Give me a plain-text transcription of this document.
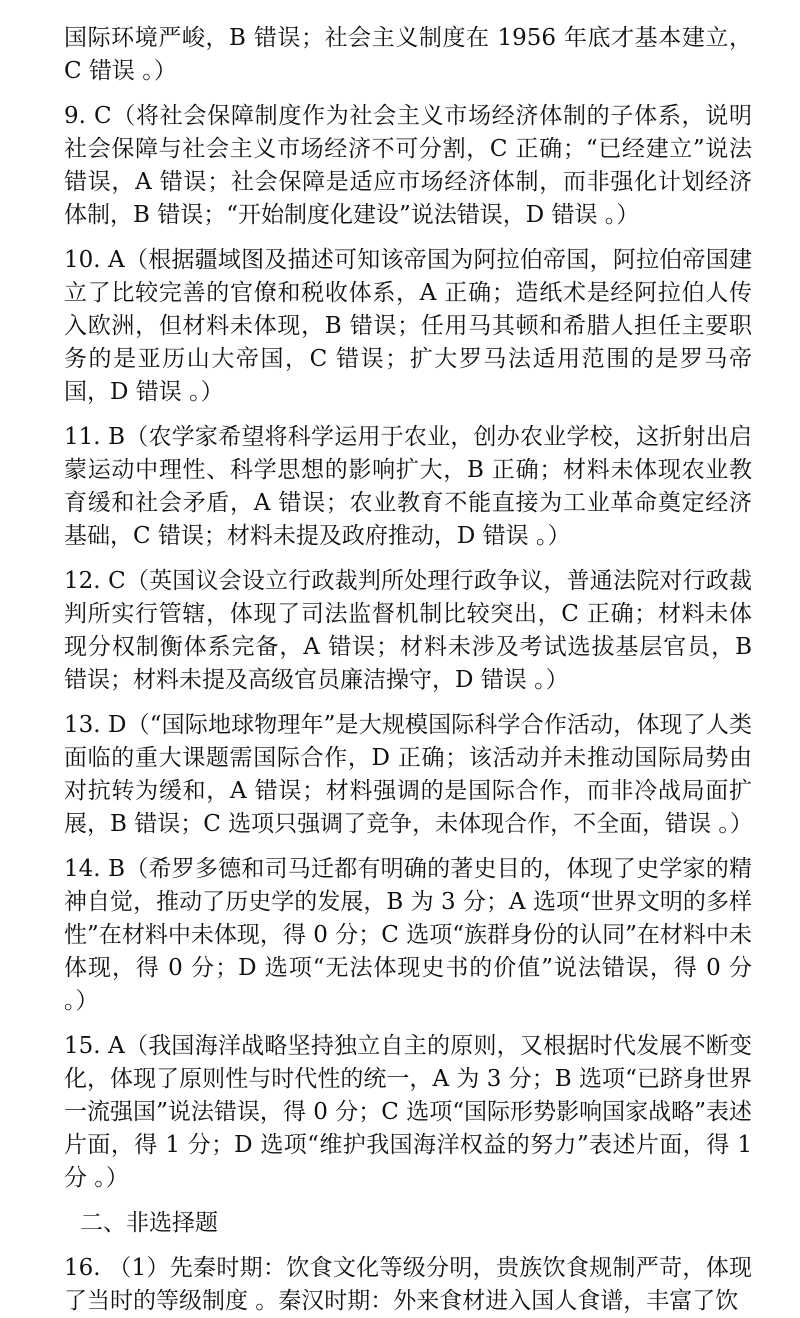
国际环境严峻，B 错误；社会主义制度在 1956 年底才基本建立，C 错误 。）

9. C（将社会保障制度作为社会主义市场经济体制的子体系，说明社会保障与社会主义市场经济不可分割，C 正确；“已经建立”说法错误，A 错误；社会保障是适应市场经济体制，而非强化计划经济体制，B 错误；“开始制度化建设”说法错误，D 错误 。）

10. A（根据疆域图及描述可知该帝国为阿拉伯帝国，阿拉伯帝国建立了比较完善的官僚和税收体系，A 正确；造纸术是经阿拉伯人传入欧洲，但材料未体现，B 错误；任用马其顿和希腊人担任主要职务的是亚历山大帝国，C 错误；扩大罗马法适用范围的是罗马帝国，D 错误 。）

11. B（农学家希望将科学运用于农业，创办农业学校，这折射出启蒙运动中理性、科学思想的影响扩大，B 正确；材料未体现农业教育缓和社会矛盾，A 错误；农业教育不能直接为工业革命奠定经济基础，C 错误；材料未提及政府推动，D 错误 。）

12. C（英国议会设立行政裁判所处理行政争议，普通法院对行政裁判所实行管辖，体现了司法监督机制比较突出，C 正确；材料未体现分权制衡体系完备，A 错误；材料未涉及考试选拔基层官员，B 错误；材料未提及高级官员廉洁操守，D 错误 。）

13. D（“国际地球物理年”是大规模国际科学合作活动，体现了人类面临的重大课题需国际合作，D 正确；该活动并未推动国际局势由对抗转为缓和，A 错误；材料强调的是国际合作，而非冷战局面扩展，B 错误；C 选项只强调了竞争，未体现合作，不全面，错误 。）

14. B（希罗多德和司马迁都有明确的著史目的，体现了史学家的精神自觉，推动了历史学的发展，B 为 3 分；A 选项“世界文明的多样性”在材料中未体现，得 0 分；C 选项“族群身份的认同”在材料中未体现，得 0 分；D 选项“无法体现史书的价值”说法错误，得 0 分 。）

15. A（我国海洋战略坚持独立自主的原则，又根据时代发展不断变化，体现了原则性与时代性的统一，A 为 3 分；B 选项“已跻身世界一流强国”说法错误，得 0 分；C 选项“国际形势影响国家战略”表述片面，得 1 分；D 选项“维护我国海洋权益的努力”表述片面，得 1 分 。）

二、非选择题

16. （1）先秦时期：饮食文化等级分明，贵族饮食规制严苛，体现了当时的等级制度 。秦汉时期：外来食材进入国人食谱，丰富了饮
